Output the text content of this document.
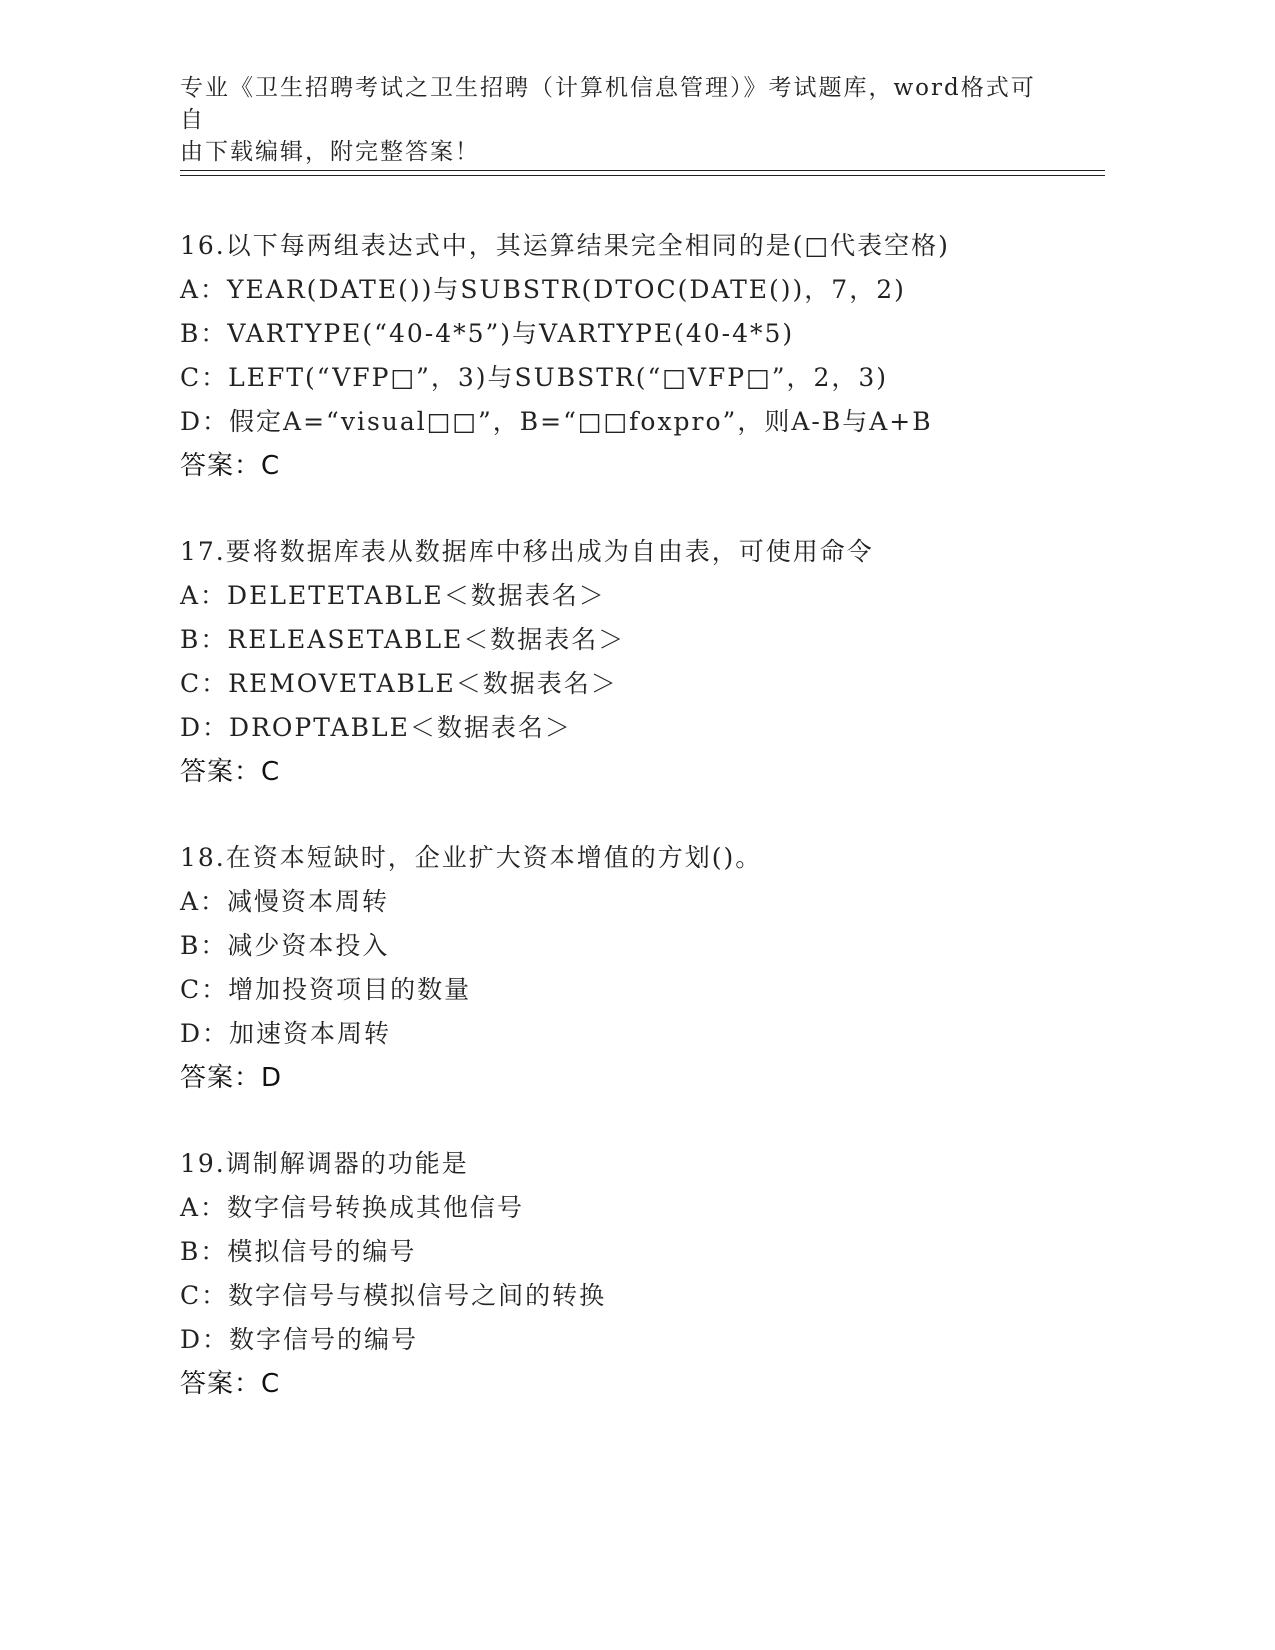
专业《卫生招聘考试之卫生招聘（计算机信息管理）》考试题库，word格式可自
由下载编辑，附完整答案！
16.以下每两组表达式中，其运算结果完全相同的是(□代表空格)
A：YEAR(DATE())与SUBSTR(DTOC(DATE())，7，2)
B：VARTYPE(“40-4*5”)与VARTYPE(40-4*5)
C：LEFT(“VFP□”，3)与SUBSTR(“□VFP□”，2，3)
D：假定A=“visual□□”，B=“□□foxpro”，则A-B与A+B
答案：C
17.要将数据库表从数据库中移出成为自由表，可使用命令
A：DELETETABLE＜数据表名＞
B：RELEASETABLE＜数据表名＞
C：REMOVETABLE＜数据表名＞
D：DROPTABLE＜数据表名＞
答案：C
18.在资本短缺时，企业扩大资本增值的方划()。
A：减慢资本周转
B：减少资本投入
C：增加投资项目的数量
D：加速资本周转
答案：D
19.调制解调器的功能是
A：数字信号转换成其他信号
B：模拟信号的编号
C：数字信号与模拟信号之间的转换
D：数字信号的编号
答案：C
